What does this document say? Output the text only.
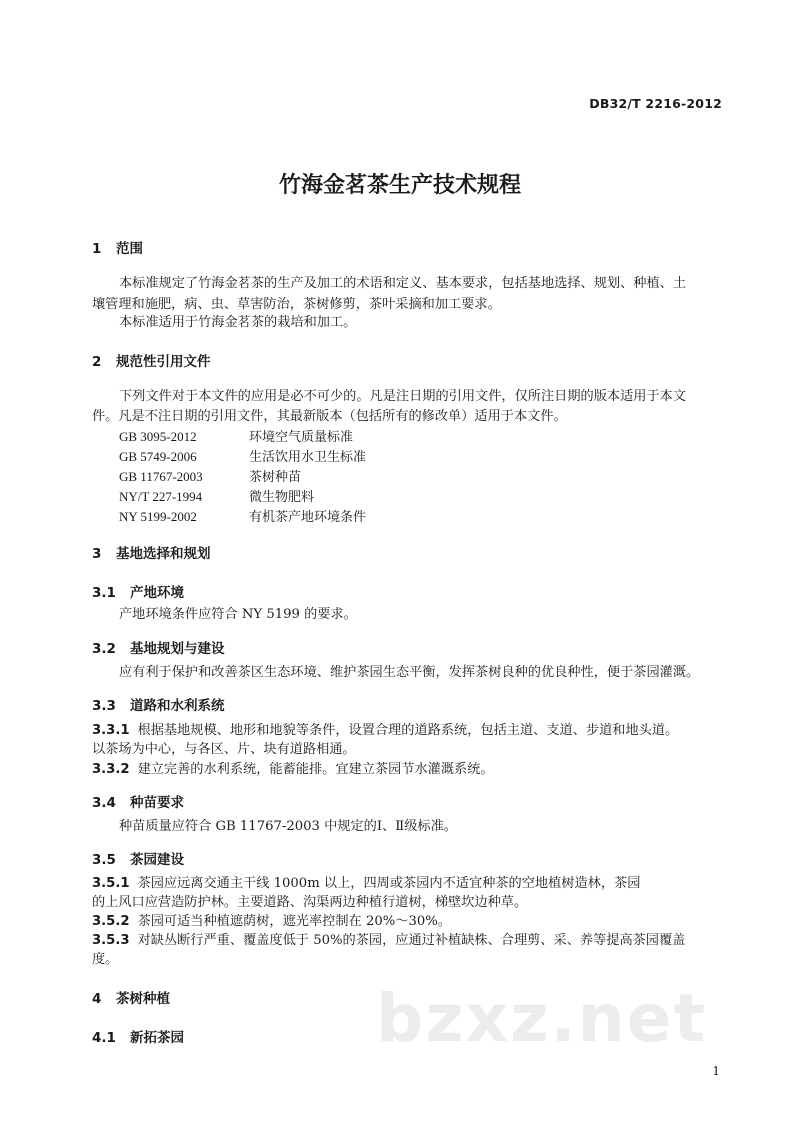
DB32/T 2216-2012
竹海金茗茶生产技术规程
1 范围
本标准规定了竹海金茗茶的生产及加工的术语和定义、基本要求，包括基地选择、规划、种植、土
壤管理和施肥，病、虫、草害防治，茶树修剪，茶叶采摘和加工要求。
本标准适用于竹海金茗茶的栽培和加工。
2 规范性引用文件
下列文件对于本文件的应用是必不可少的。凡是注日期的引用文件，仅所注日期的版本适用于本文
件。凡是不注日期的引用文件，其最新版本（包括所有的修改单）适用于本文件。
GB 3095-2012	环境空气质量标准
GB 5749-2006	生活饮用水卫生标准
GB 11767-2003	茶树种苗
NY/T 227-1994	微生物肥料
NY 5199-2002	有机茶产地环境条件
3 基地选择和规划
3.1 产地环境
产地环境条件应符合 NY 5199 的要求。
3.2 基地规划与建设
应有利于保护和改善茶区生态环境、维护茶园生态平衡，发挥茶树良种的优良种性，便于茶园灌溉。
3.3 道路和水利系统
3.3.1 根据基地规模、地形和地貌等条件，设置合理的道路系统，包括主道、支道、步道和地头道。
以茶场为中心，与各区、片、块有道路相通。
3.3.2 建立完善的水利系统，能蓄能排。宜建立茶园节水灌溉系统。
3.4 种苗要求
种苗质量应符合 GB 11767-2003 中规定的Ⅰ、Ⅱ级标准。
3.5 茶园建设
3.5.1 茶园应远离交通主干线 1000m 以上，四周或茶园内不适宜种茶的空地植树造林，茶园
的上风口应营造防护林。主要道路、沟渠两边种植行道树，梯壁坎边种草。
3.5.2 茶园可适当种植遮荫树，遮光率控制在 20%～30%。
3.5.3 对缺丛断行严重、覆盖度低于 50%的茶园，应通过补植缺株、合理剪、采、养等提高茶园覆盖
度。
4 茶树种植
4.1 新拓茶园	bzxz.net
1
